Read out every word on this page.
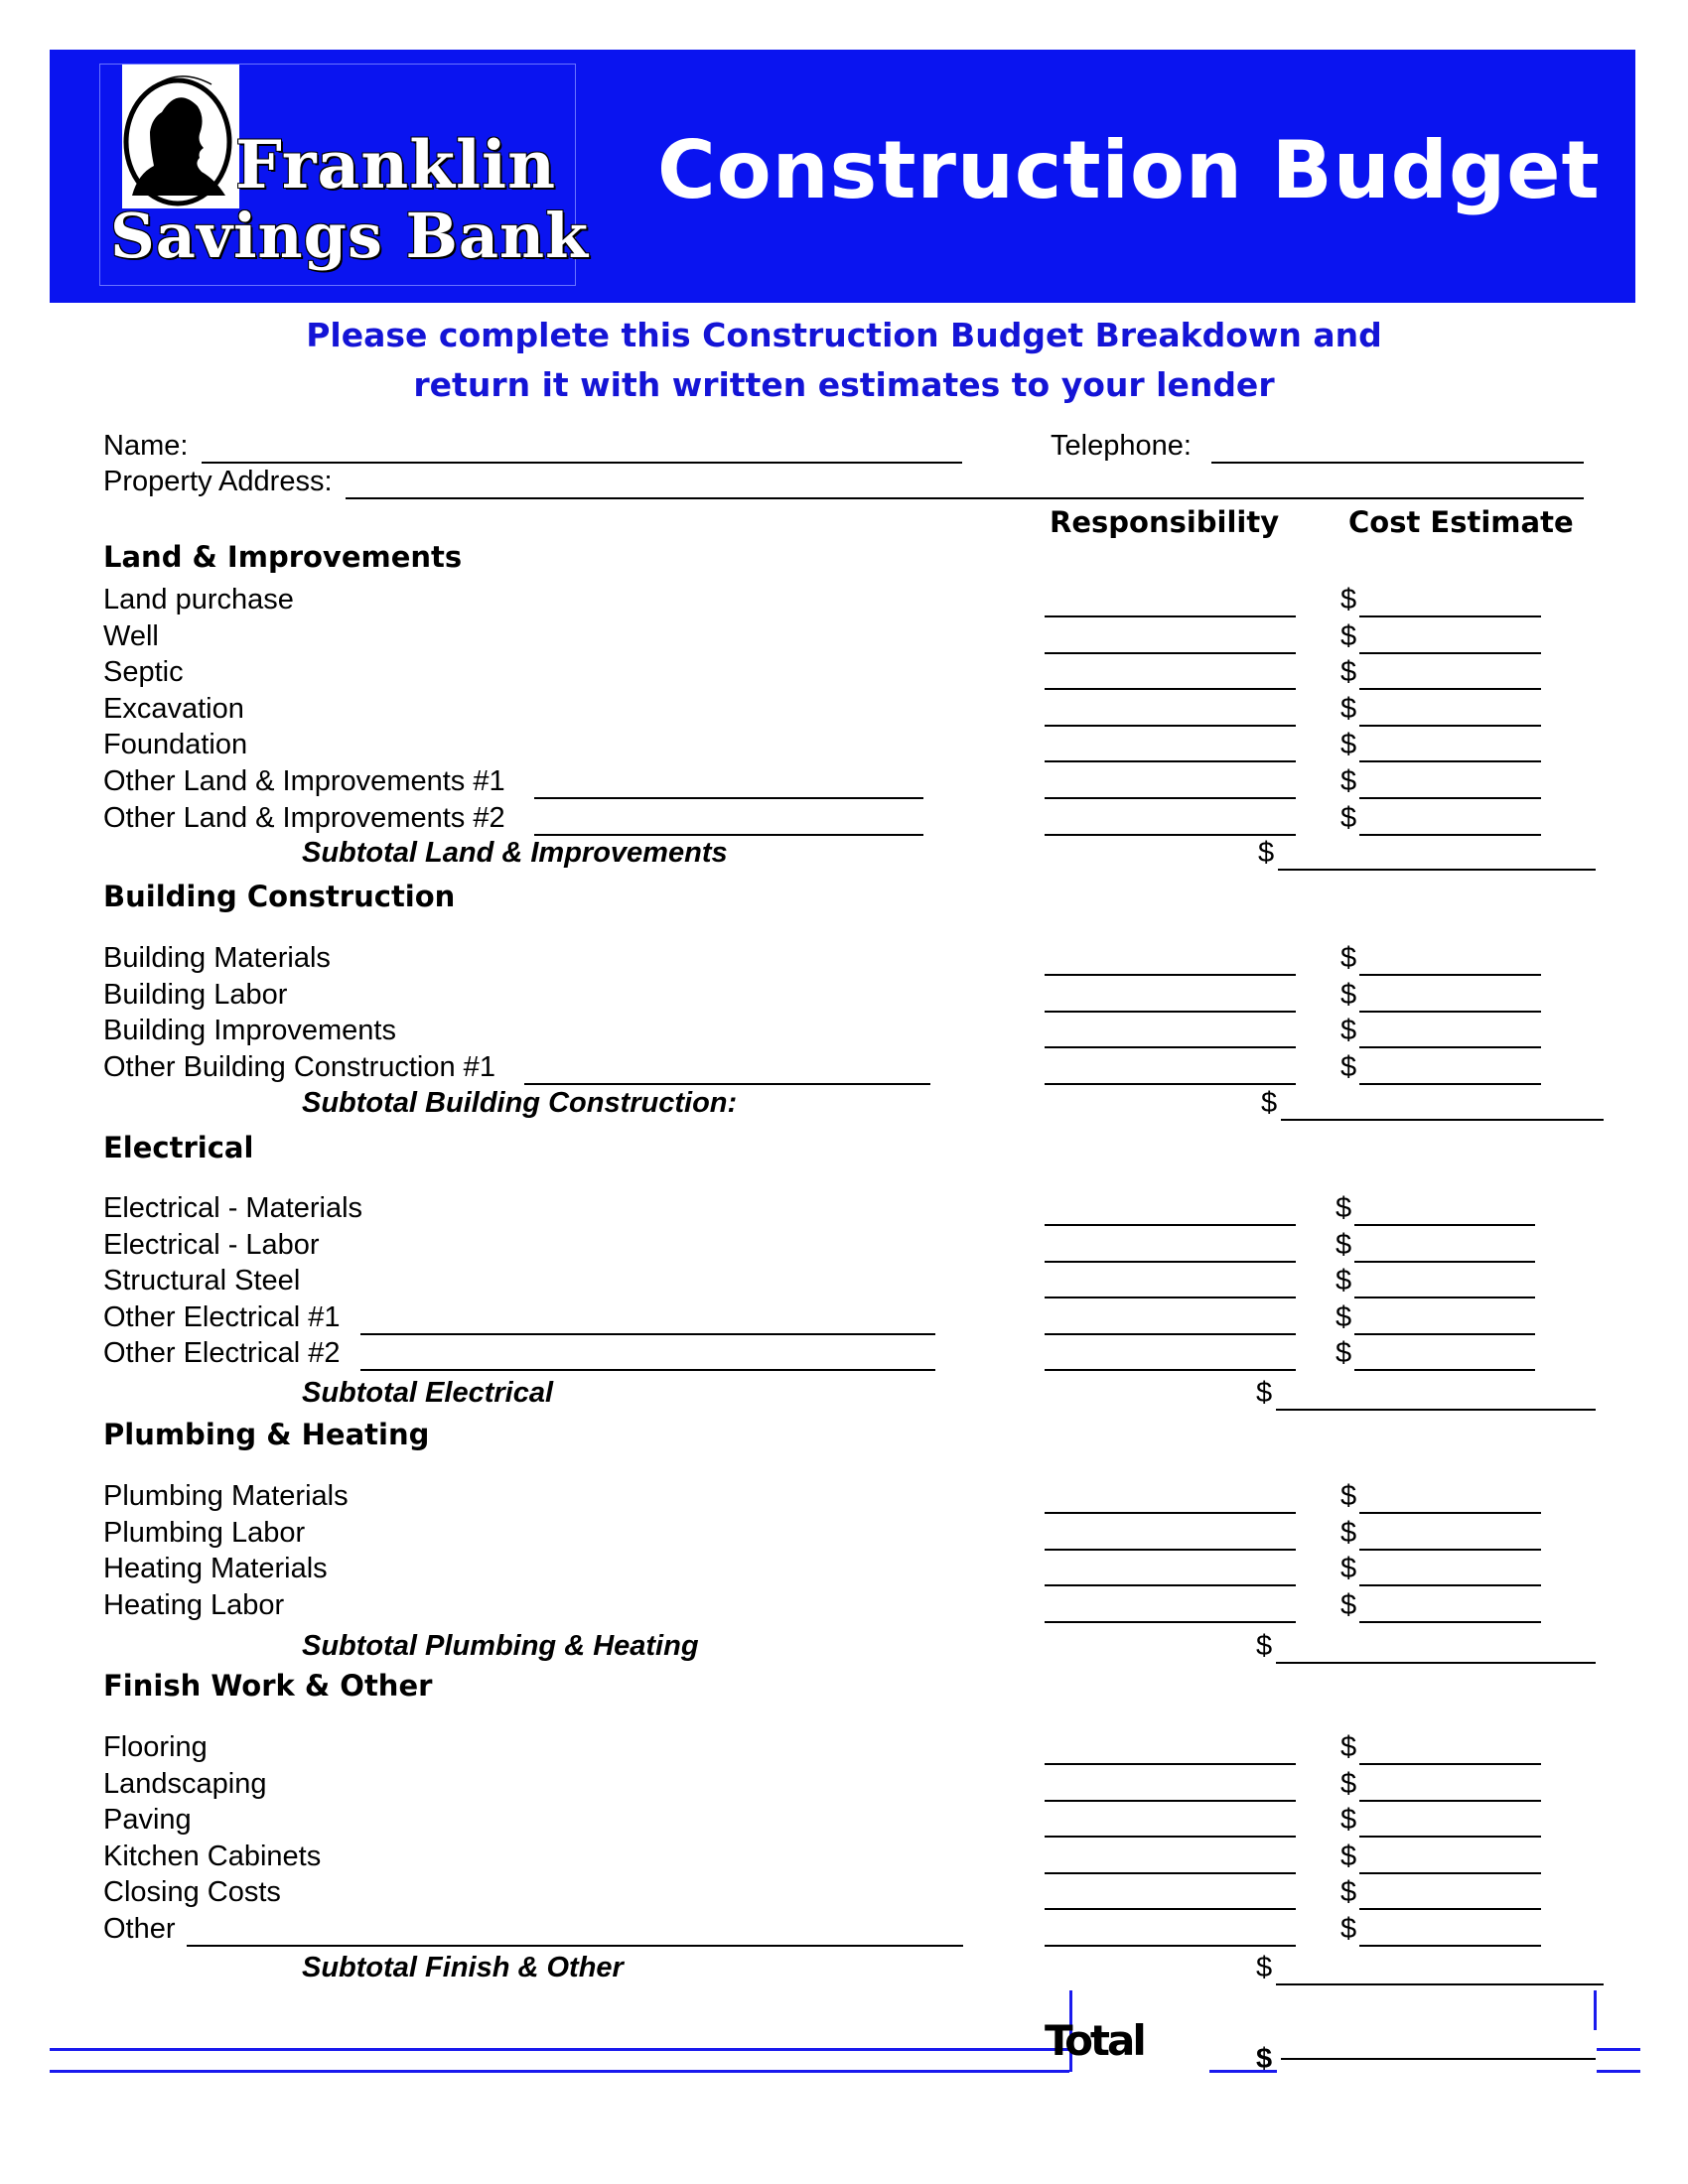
Franklin
Savings Bank
Construction Budget
Please complete this Construction Budget Breakdown and
return it with written estimates to your lender
Name:	Telephone:
Property Address:
Responsibility Cost Estimate
Land & Improvements
Land purchase	$
Well	$
Septic	$
Excavation	$
Foundation	$
Other Land & Improvements #1	$
Other Land & Improvements #2	$
Subtotal Land & Improvements	$
Building Construction
Building Materials	$
Building Labor	$
Building Improvements	$
Other Building Construction #1	$
Subtotal Building Construction:	$
Electrical
Electrical - Materials	$
Electrical - Labor	$
Structural Steel	$
Other Electrical #1	$
Other Electrical #2	$
Subtotal Electrical	$
Plumbing & Heating
Plumbing Materials	$
Plumbing Labor	$
Heating Materials	$
Heating Labor	$
Subtotal Plumbing & Heating	$
Finish Work & Other
Flooring	$
Landscaping	$
Paving	$
Kitchen Cabinets	$
Closing Costs	$
Other	$
Subtotal Finish & Other	$
Total	$
